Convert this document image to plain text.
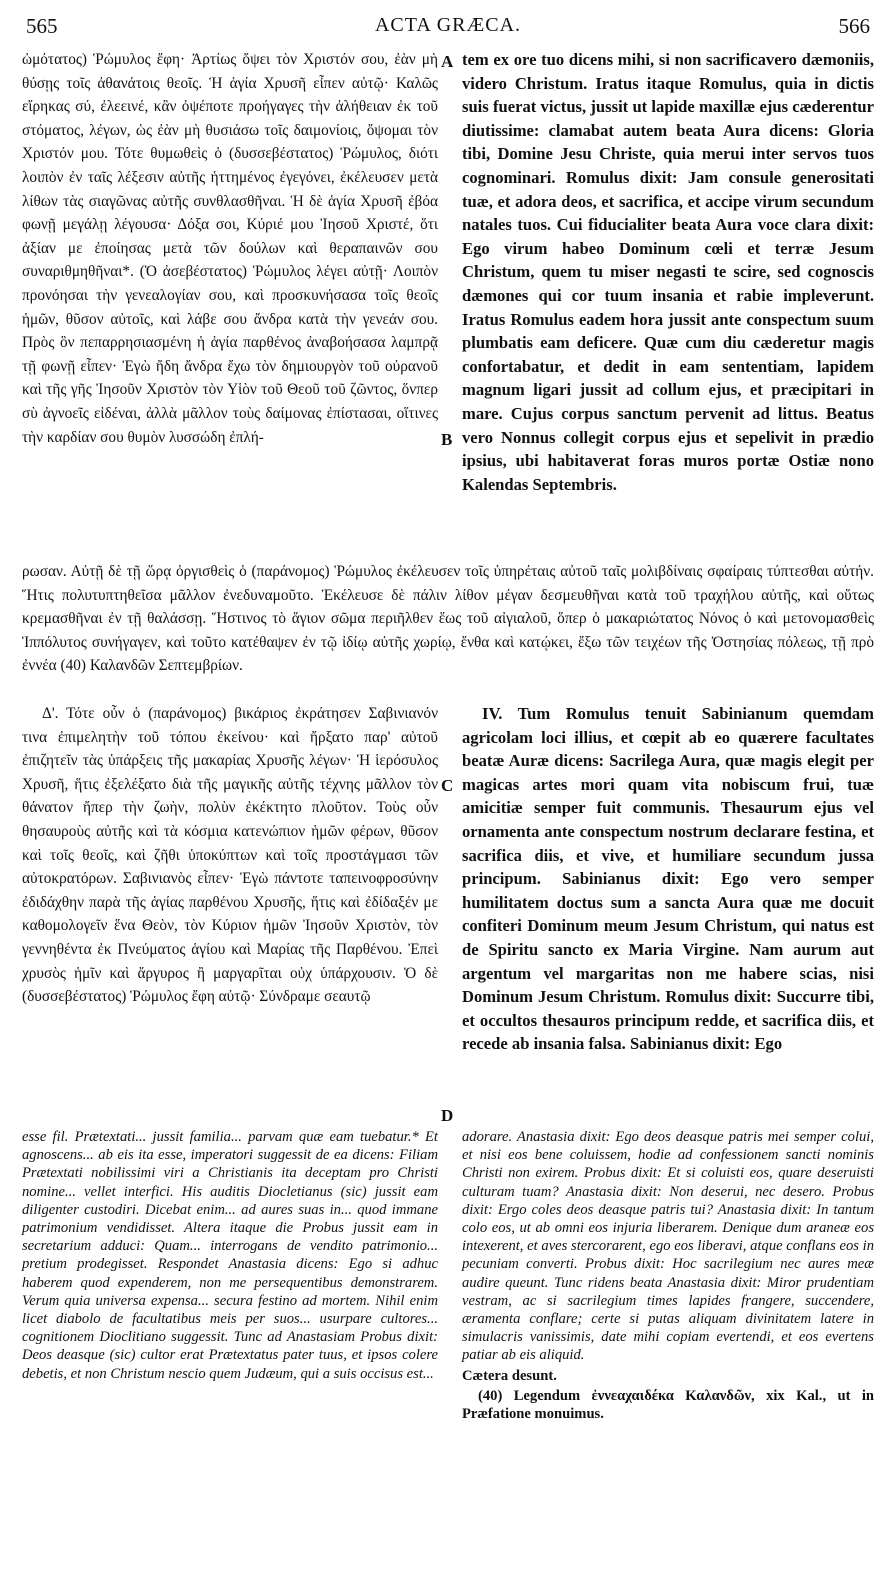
565	ACTA GRÆCA.	566

ὠμότατος) Ῥώμυλος ἔφη· Ἀρτίως ὄψει τὸν Χριστόν σου, ἐὰν μὴ θύσῃς τοῖς ἀθανάτοις θεοῖς. Ἡ ἁγία Χρυσῆ εἶπεν αὐτῷ· Καλῶς εἴρηκας σύ, ἐλεεινέ, κἂν ὀψέποτε προήγαγες τὴν ἀλήθειαν ἐκ τοῦ στόματος, λέγων, ὡς ἐὰν μὴ θυσιάσω τοῖς δαιμονίοις, ὄψομαι τὸν Χριστόν μου. Τότε θυμωθεὶς ὁ (δυσσεβέστατος) Ῥώμυλος, διότι λοιπὸν ἐν ταῖς λέξεσιν αὐτῆς ἡττημένος ἐγεγόνει, ἐκέλευσεν μετὰ λίθων τὰς σιαγῶνας αὐτῆς συνθλασθῆναι. Ἡ δὲ ἁγία Χρυσῆ ἐβόα φωνῇ μεγάλῃ λέγουσα· Δόξα σοι, Κύριέ μου Ἰησοῦ Χριστέ, ὅτι ἀξίαν με ἐποίησας μετὰ τῶν δούλων καὶ θεραπαινῶν σου συναριθμηθῆναι*. (Ὁ ἀσεβέστατος) Ῥώμυλος λέγει αὐτῇ· Λοιπὸν προνόησαι τὴν γενεαλογίαν σου, καὶ προσκυνήσασα τοῖς θεοῖς ἡμῶν, θῦσον αὐτοῖς, καὶ λάβε σου ἄνδρα κατὰ τὴν γενεάν σου. Πρὸς ὃν πεπαρρησιασμένη ἡ ἁγία παρθένος ἀναβοήσασα λαμπρᾷ τῇ φωνῇ εἶπεν· Ἐγὼ ἤδη ἄνδρα ἔχω τὸν δημιουργὸν τοῦ οὐρανοῦ καὶ τῆς γῆς Ἰησοῦν Χριστὸν τὸν Υἱὸν τοῦ Θεοῦ τοῦ ζῶντος, ὅνπερ σὺ ἀγνοεῖς εἰδέναι, ἀλλὰ μᾶλλον τοὺς δαίμονας ἐπίστασαι, οἵτινες τὴν καρδίαν σου θυμὸν λυσσώδη ἐπλή-

A tem ex ore tuo dicens mihi, si non sacrificavero dæmoniis, videro Christum. Iratus itaque Romulus, quia in dictis suis fuerat victus, jussit ut lapide maxillæ ejus cæderentur diutissime: clamabat autem beata Aura dicens: Gloria tibi, Domine Jesu Christe, quia merui inter servos tuos cognominari. Romulus dixit: Jam consule generositati tuæ, et adora deos, et sacrifica, et accipe virum secundum natales tuos. Cui fiducialiter beata Aura voce clara dixit: Ego virum habeo Dominum cœli et terræ Jesum Christum, quem tu miser negasti te scire, sed cognoscis dæmones qui cor tuum insania et rabie impleverunt. Iratus Romulus eadem hora jussit ante conspectum suum plumbatis eam deficere. Quæ cum diu cæderetur magis confortabatur, et dedit in eam sententiam, lapidem magnum ligari jussit ad collum ejus, et præcipitari in mare. Cujus corpus sanctum pervenit ad littus. Beatus vero Nonnus collegit corpus ejus et sepelivit in prædio ipsius, ubi habitaverat foras muros portæ Ostiæ nono Kalendas Septembris.

B

ρωσαν. Αὐτῇ δὲ τῇ ὥρᾳ ὀργισθεὶς ὁ (παράνομος) Ῥώμυλος ἐκέλευσεν τοῖς ὑπηρέταις αὐτοῦ ταῖς μολιβδίναις σφαίραις τύπτεσθαι αὐτήν. Ἥτις πολυτυπτηθεῖσα μᾶλλον ἐνεδυναμοῦτο. Ἐκέλευσε δὲ πάλιν λίθον μέγαν δεσμευθῆναι κατὰ τοῦ τραχήλου αὐτῆς, καὶ οὕτως κρεμασθῆναι ἐν τῇ θαλάσσῃ. Ἥστινος τὸ ἅγιον σῶμα περιῆλθεν ἕως τοῦ αἰγιαλοῦ, ὅπερ ὁ μακαριώτατος Νόνος ὁ καὶ μετονομασθεὶς Ἱππόλυτος συνήγαγεν, καὶ τοῦτο κατέθαψεν ἐν τῷ ἰδίῳ αὐτῆς χωρίῳ, ἔνθα καὶ κατῴκει, ἔξω τῶν τειχέων τῆς Ὀστησίας πόλεως, τῇ πρὸ ἐννέα (40) Καλανδῶν Σεπτεμβρίων.

Δ'. Τότε οὖν ὁ (παράνομος) βικάριος ἐκράτησεν Σαβινιανόν τινα ἐπιμελητὴν τοῦ τόπου ἐκείνου· καὶ ἤρξατο παρ' αὐτοῦ ἐπιζητεῖν τὰς ὑπάρξεις τῆς μακαρίας Χρυσῆς λέγων· Ἡ ἱερόσυλος Χρυσῆ, ἥτις ἐξελέξατο διὰ τῆς μαγικῆς αὐτῆς τέχνης μᾶλλον τὸν θάνατον ἤπερ τὴν ζωὴν, πολὺν ἐκέκτητο πλοῦτον. Τοὺς οὖν θησαυροὺς αὐτῆς καὶ τὰ κόσμια κατενώπιον ἡμῶν φέρων, θῦσον καὶ τοῖς θεοῖς, καὶ ζῆθι ὑποκύπτων καὶ τοῖς προστάγμασι τῶν αὐτοκρατόρων. Σαβινιανὸς εἶπεν· Ἐγὼ πάντοτε ταπεινοφροσύνην ἐδιδάχθην παρὰ τῆς ἁγίας παρθένου Χρυσῆς, ἥτις καὶ ἐδίδαξέν με καθομολογεῖν ἕνα Θεὸν, τὸν Κύριον ἡμῶν Ἰησοῦν Χριστὸν, τὸν γεννηθέντα ἐκ Πνεύματος ἁγίου καὶ Μαρίας τῆς Παρθένου. Ἐπεὶ χρυσὸς ἡμῖν καὶ ἄργυρος ἢ μαργαρῖται οὐχ ὑπάρχουσιν. Ὁ δὲ (δυσσεβέστατος) Ῥώμυλος ἔφη αὐτῷ· Σύνδραμε σεαυτῷ

C

IV. Tum Romulus tenuit Sabinianum quemdam agricolam loci illius, et cœpit ab eo quærere facultates beatæ Auræ dicens: Sacrilega Aura, quæ magis elegit per magicas artes mori quam vita nobiscum frui, tuæ amicitiæ semper fuit communis. Thesaurum ejus vel ornamenta ante conspectum nostrum declarare festina, et sacrifica diis, et vive, et humiliare secundum jussa principum. Sabinianus dixit: Ego vero semper humilitatem doctus sum a sancta Aura quæ me docuit confiteri Dominum meum Jesum Christum, qui natus est de Spiritu sancto ex Maria Virgine. Nam aurum aut argentum vel margaritas non me habere scias, nisi Dominum Jesum Christum. Romulus dixit: Succurre tibi, et occultos thesauros principum redde, et sacrifica diis, et recede ab insania falsa. Sabinianus dixit: Ego

D

esse fil. Prætextati... jussit familia... parvam quæ eam tuebatur.* Et agnoscens... ab eis ita esse, imperatori suggessit de ea dicens: Filiam Prætextati nobilissimi viri a Christianis ita deceptam pro Christi nomine... vellet interfici. His auditis Diocletianus (sic) jussit eam diligenter custodiri. Dicebat enim... ad aures suas in... quod immane patrimonium vendidisset. Altera itaque die Probus jussit eam in secretarium adduci: Quam... interrogans de vendito patrimonio... pretium prodegisset. Respondet Anastasia dicens: Ego si adhuc haberem quod expenderem, non me persequentibus demonstrarem. Verum quia universa expensa... secura festino ad mortem. Nihil enim licet diabolo de facultatibus meis per suos... usurpare cultores... cognitionem Dioclitiano suggessit. Tunc ad Anastasiam Probus dixit: Deos deasque (sic) cultor erat Prætextatus pater tuus, et ipsos colere debetis, et non Christum nescio quem Judæum, qui a suis occisus est...

adorare. Anastasia dixit: Ego deos deasque patris mei semper colui, et nisi eos bene coluissem, hodie ad confessionem sancti nominis Christi non exirem. Probus dixit: Et si coluisti eos, quare deseruisti culturam tuam? Anastasia dixit: Non deserui, nec desero. Probus dixit: Ergo coles deos deasque patris tui? Anastasia dixit: In tantum colo eos, ut ab omni eos injuria liberarem. Denique dum araneæ eos intexerent, et aves stercorarent, ego eos liberavi, atque conflans eos in pecuniam converti. Probus dixit: Hoc sacrilegium nec aures meæ audire queunt. Tunc ridens beata Anastasia dixit: Miror prudentiam vestram, ac si sacrilegium times lapides frangere, succendere, æramenta conflare; certe si putas aliquam divinitatem latere in simulacris vanissimis, date mihi copiam evertendi, et eos evertens patiar ab eis aliquid.

Cætera desunt.

(40) Legendum ἐννεαχαιδέκα Καλανδῶν, xix Kal., ut in Præfatione monuimus.
